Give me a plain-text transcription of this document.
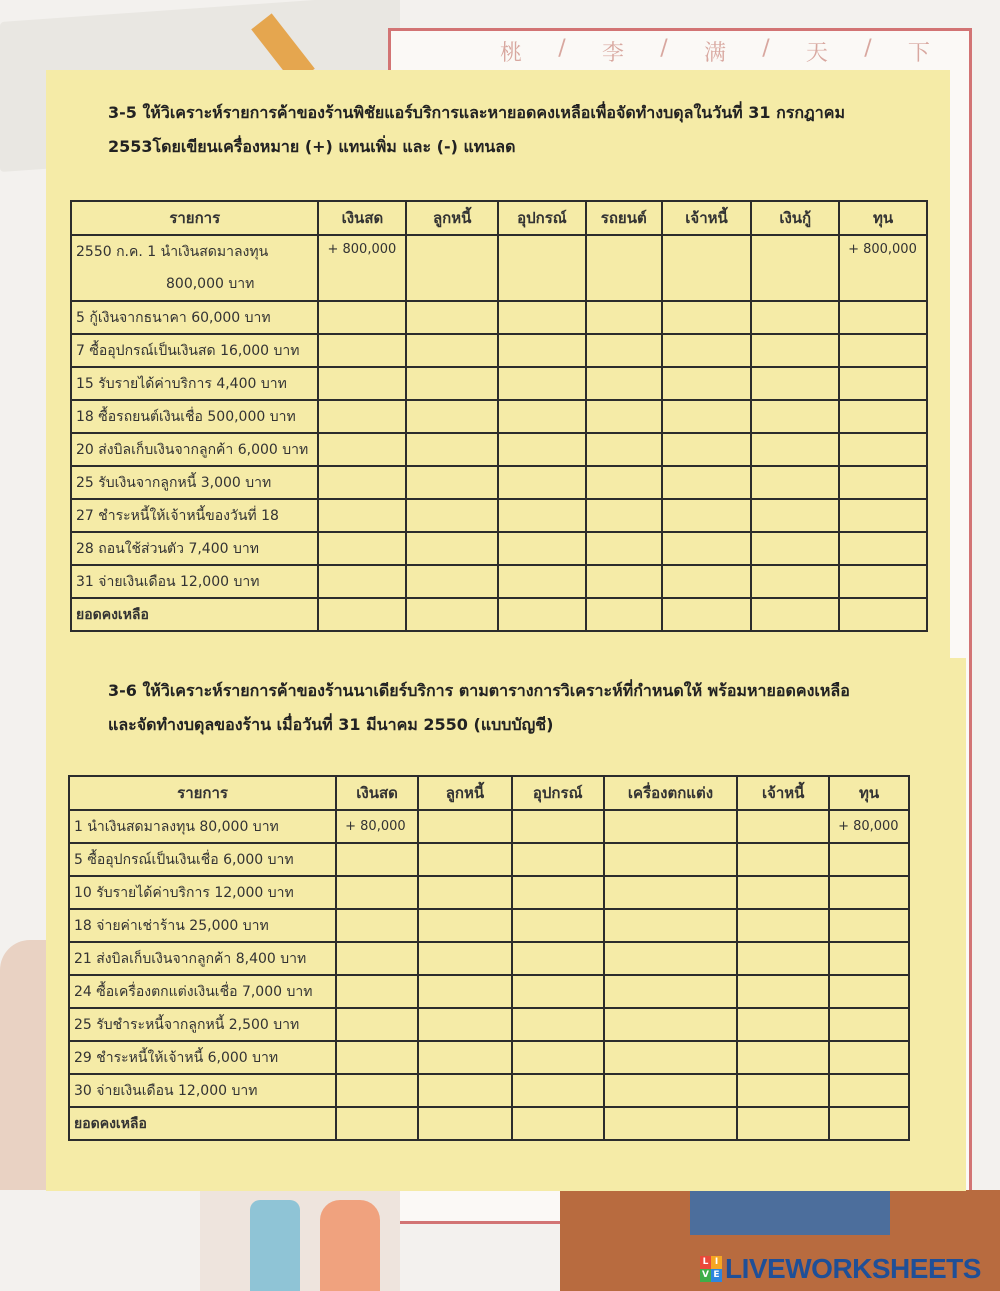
桃 / 李 / 满 / 天 / 下
3-5 ให้วิเคราะห์รายการค้าของร้านพิชัยแอร์บริการและหายอดคงเหลือเพื่อจัดทำงบดุลในวันที่ 31 กรกฎาคม
2553โดยเขียนเครื่องหมาย (+) แทนเพิ่ม และ (-) แทนลด
รายการ	เงินสด	ลูกหนี้	อุปกรณ์	รถยนต์	เจ้าหนี้	เงินกู้	ทุน

2550 ก.ค. 1 นำเงินสดมาลงทุน
800,000 บาท	+ 800,000						+ 800,000

5 กู้เงินจากธนาคา 60,000 บาท							

7 ซื้ออุปกรณ์เป็นเงินสด 16,000 บาท							

15 รับรายได้ค่าบริการ 4,400 บาท							

18 ซื้อรถยนต์เงินเชื่อ 500,000 บาท							

20 ส่งบิลเก็บเงินจากลูกค้า 6,000 บาท							

25 รับเงินจากลูกหนี้ 3,000 บาท							

27 ชำระหนี้ให้เจ้าหนี้ของวันที่ 18							

28 ถอนใช้ส่วนตัว 7,400 บาท							

31 จ่ายเงินเดือน 12,000 บาท							

ยอดคงเหลือ							

3-6 ให้วิเคราะห์รายการค้าของร้านนาเดียร์บริการ ตามตารางการวิเคราะห์ที่กำหนดให้ พร้อมหายอดคงเหลือ
และจัดทำงบดุลของร้าน เมื่อวันที่ 31 มีนาคม 2550 (แบบบัญชี)
รายการ	เงินสด	ลูกหนี้	อุปกรณ์	เครื่องตกแต่ง	เจ้าหนี้	ทุน

1 นำเงินสดมาลงทุน 80,000 บาท	+ 80,000					+ 80,000

5 ซื้ออุปกรณ์เป็นเงินเชื่อ 6,000 บาท						

10 รับรายได้ค่าบริการ 12,000 บาท						

18 จ่ายค่าเช่าร้าน 25,000 บาท						

21 ส่งบิลเก็บเงินจากลูกค้า 8,400 บาท						

24 ซื้อเครื่องตกแต่งเงินเชื่อ 7,000 บาท						

25 รับชำระหนี้จากลูกหนี้ 2,500 บาท						

29 ชำระหนี้ให้เจ้าหนี้ 6,000 บาท						

30 จ่ายเงินเดือน 12,000 บาท						

ยอดคงเหลือ						

L I
V E LIVEWORKSHEETS
